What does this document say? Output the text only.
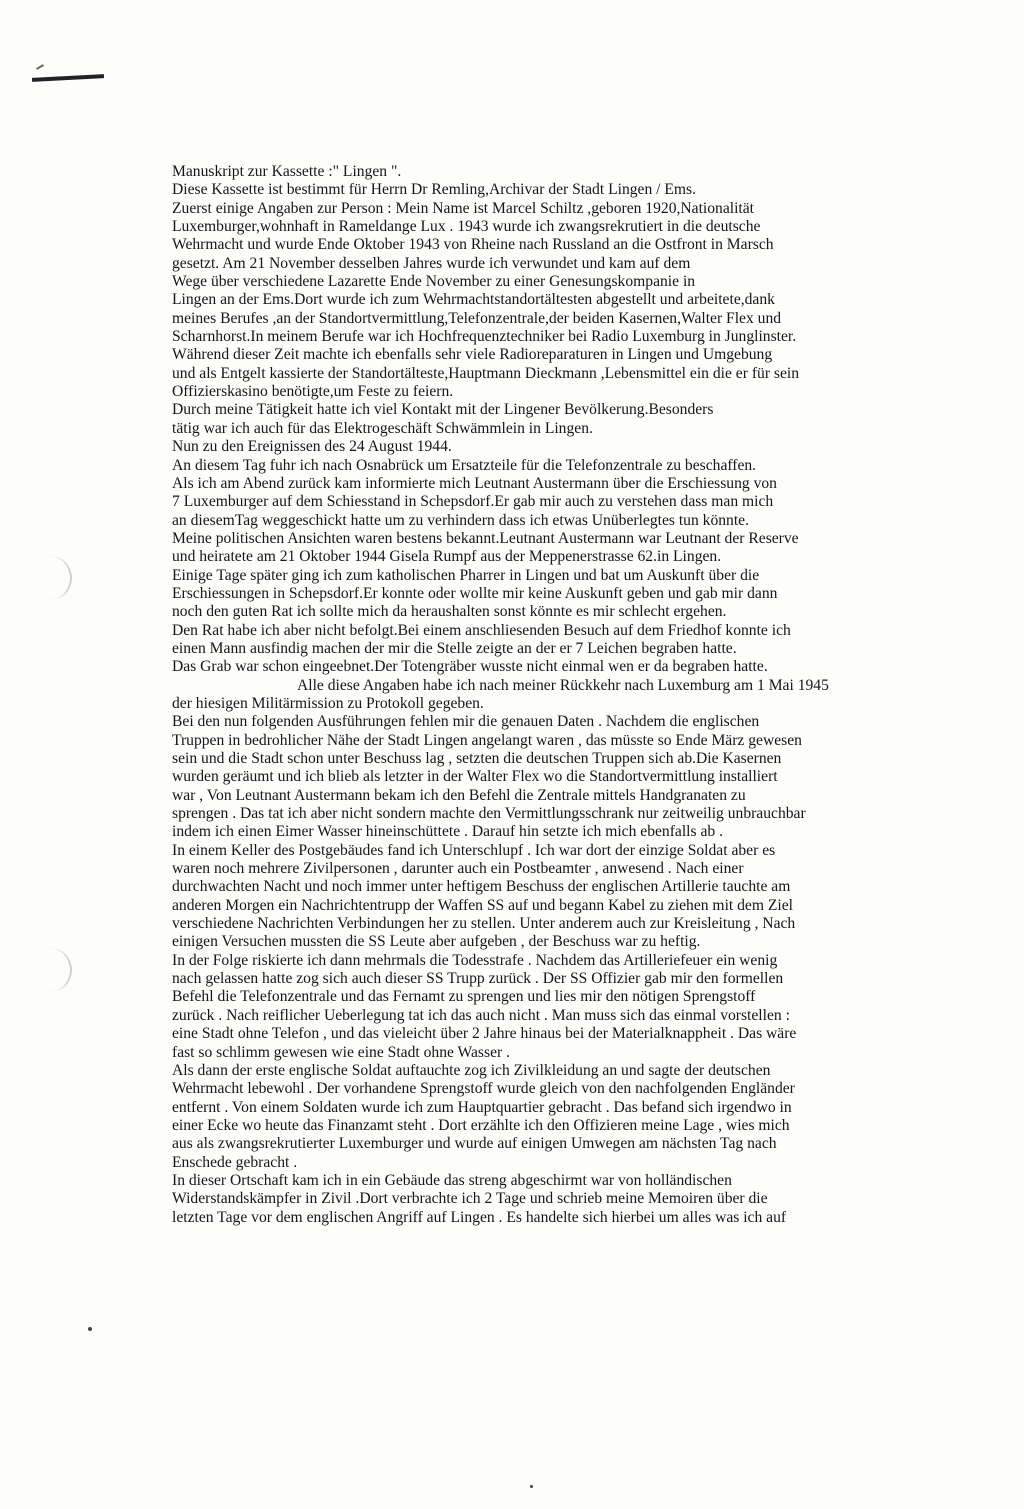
Manuskript zur Kassette :" Lingen ".
Diese Kassette ist bestimmt für Herrn Dr Remling,Archivar der Stadt Lingen / Ems.
Zuerst einige Angaben zur Person : Mein Name ist Marcel Schiltz ,geboren 1920,Nationalität
Luxemburger,wohnhaft in Rameldange Lux . 1943 wurde ich zwangsrekrutiert in die deutsche
Wehrmacht und wurde Ende Oktober 1943 von Rheine nach Russland an die Ostfront in Marsch
gesetzt. Am 21 November desselben Jahres wurde ich verwundet und kam auf dem
Wege über verschiedene Lazarette Ende November zu einer Genesungskompanie in
Lingen an der Ems.Dort wurde ich zum Wehrmachtstandortältesten abgestellt und arbeitete,dank
meines Berufes ,an der Standortvermittlung,Telefonzentrale,der beiden Kasernen,Walter Flex und
Scharnhorst.In meinem Berufe war ich Hochfrequenztechniker bei Radio Luxemburg in Junglinster.
Während dieser Zeit machte ich ebenfalls sehr viele Radioreparaturen in Lingen und Umgebung
und als Entgelt kassierte der Standortälteste,Hauptmann Dieckmann ,Lebensmittel ein die er für sein
Offizierskasino benötigte,um Feste zu feiern.
Durch meine Tätigkeit hatte ich viel Kontakt mit der Lingener Bevölkerung.Besonders
tätig war ich auch für das Elektrogeschäft Schwämmlein in Lingen.
Nun zu den Ereignissen des 24 August 1944.
An diesem Tag fuhr ich nach Osnabrück um Ersatzteile für die Telefonzentrale zu beschaffen.
Als ich am Abend zurück kam informierte mich Leutnant Austermann über die Erschiessung von
7 Luxemburger auf dem Schiesstand in Schepsdorf.Er gab mir auch zu verstehen dass man mich
an diesemTag weggeschickt hatte um zu verhindern dass ich etwas Unüberlegtes tun könnte.
Meine politischen Ansichten waren bestens bekannt.Leutnant Austermann war Leutnant der Reserve
und heiratete am 21 Oktober 1944 Gisela Rumpf aus der Meppenerstrasse 62.in Lingen.
Einige Tage später ging ich zum katholischen Pharrer in Lingen und bat um Auskunft über die
Erschiessungen in Schepsdorf.Er konnte oder wollte mir keine Auskunft geben und gab mir dann
noch den guten Rat ich sollte mich da heraushalten sonst könnte es mir schlecht ergehen.
Den Rat habe ich aber nicht befolgt.Bei einem anschliesenden Besuch auf dem Friedhof konnte ich
einen Mann ausfindig machen der mir die Stelle zeigte an der er 7 Leichen begraben hatte.
Das Grab war schon eingeebnet.Der Totengräber wusste nicht einmal wen er da begraben hatte.
Alle diese Angaben habe ich nach meiner Rückkehr nach Luxemburg am 1 Mai 1945
der hiesigen Militärmission zu Protokoll gegeben.
Bei den nun folgenden Ausführungen fehlen mir die genauen Daten . Nachdem die englischen
Truppen in bedrohlicher Nähe der Stadt Lingen angelangt waren , das müsste so Ende März gewesen
sein und die Stadt schon unter Beschuss lag , setzten die deutschen Truppen sich ab.Die Kasernen
wurden geräumt und ich blieb als letzter in der Walter Flex wo die Standortvermittlung installiert
war , Von Leutnant Austermann bekam ich den Befehl die Zentrale mittels Handgranaten zu
sprengen . Das tat ich aber nicht sondern machte den Vermittlungsschrank nur zeitweilig unbrauchbar
indem ich einen Eimer Wasser hineinschüttete . Darauf hin setzte ich mich ebenfalls ab .
In einem Keller des Postgebäudes fand ich Unterschlupf . Ich war dort der einzige Soldat aber es
waren noch mehrere Zivilpersonen , darunter auch ein Postbeamter , anwesend . Nach einer
durchwachten Nacht und noch immer unter heftigem Beschuss der englischen Artillerie tauchte am
anderen Morgen ein Nachrichtentrupp der Waffen SS auf und begann Kabel zu ziehen mit dem Ziel
verschiedene Nachrichten Verbindungen her zu stellen. Unter anderem auch zur Kreisleitung , Nach
einigen Versuchen mussten die SS Leute aber aufgeben , der Beschuss war zu heftig.
In der Folge riskierte ich dann mehrmals die Todesstrafe . Nachdem das Artilleriefeuer ein wenig
nach gelassen hatte zog sich auch dieser SS Trupp zurück . Der SS Offizier gab mir den formellen
Befehl die Telefonzentrale und das Fernamt zu sprengen und lies mir den nötigen Sprengstoff
zurück . Nach reiflicher Ueberlegung tat ich das auch nicht . Man muss sich das einmal vorstellen :
eine Stadt ohne Telefon , und das vieleicht über 2 Jahre hinaus bei der Materialknappheit . Das wäre
fast so schlimm gewesen wie eine Stadt ohne Wasser .
Als dann der erste englische Soldat auftauchte zog ich Zivilkleidung an und sagte der deutschen
Wehrmacht lebewohl . Der vorhandene Sprengstoff wurde gleich von den nachfolgenden Engländer
entfernt . Von einem Soldaten wurde ich zum Hauptquartier gebracht . Das befand sich irgendwo in
einer Ecke wo heute das Finanzamt steht . Dort erzählte ich den Offizieren meine Lage , wies mich
aus als zwangsrekrutierter Luxemburger und wurde auf einigen Umwegen am nächsten Tag nach
Enschede gebracht .
In dieser Ortschaft kam ich in ein Gebäude das streng abgeschirmt war von holländischen
Widerstandskämpfer in Zivil .Dort verbrachte ich 2 Tage und schrieb meine Memoiren über die
letzten Tage vor dem englischen Angriff auf Lingen . Es handelte sich hierbei um alles was ich auf
